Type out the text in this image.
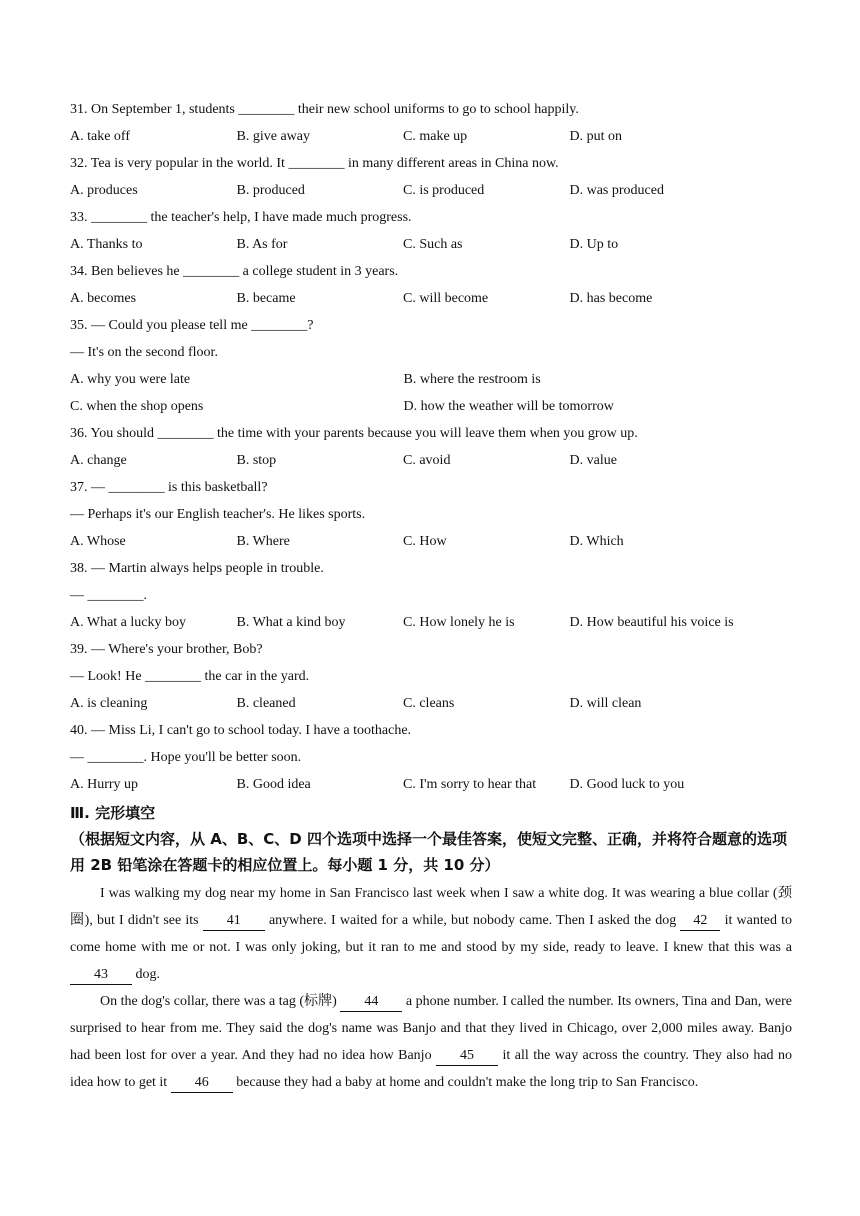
31. On September 1, students ________ their new school uniforms to go to school happily.
A. take off	B. give away	C. make up	D. put on
32. Tea is very popular in the world. It ________ in many different areas in China now.
A. produces	B. produced	C. is produced	D. was produced
33. ________ the teacher's help, I have made much progress.
A. Thanks to	B. As for	C. Such as	D. Up to
34. Ben believes he ________ a college student in 3 years.
A. becomes	B. became	C. will become	D. has become
35. — Could you please tell me ________?
— It's on the second floor.
A. why you were late	B. where the restroom is
C. when the shop opens	D. how the weather will be tomorrow
36. You should ________ the time with your parents because you will leave them when you grow up.
A. change	B. stop	C. avoid	D. value
37. — ________ is this basketball?
— Perhaps it's our English teacher's. He likes sports.
A. Whose	B. Where	C. How	D. Which
38. — Martin always helps people in trouble.
— ________.
A. What a lucky boy	B. What a kind boy	C. How lonely he is	D. How beautiful his voice is
39. — Where's your brother, Bob?
— Look! He ________ the car in the yard.
A. is cleaning	B. cleaned	C. cleans	D. will clean
40. — Miss Li, I can't go to school today. I have a toothache.
— ________. Hope you'll be better soon.
A. Hurry up	B. Good idea	C. I'm sorry to hear that	D. Good luck to you
Ⅲ. 完形填空
（根据短文内容，从 A、B、C、D 四个选项中选择一个最佳答案，使短文完整、正确，并将符合题意的选项用 2B 铅笔涂在答题卡的相应位置上。每小题 1 分，共 10 分）
I was walking my dog near my home in San Francisco last week when I saw a white dog. It was wearing a blue collar (颈圈), but I didn't see its 41 anywhere. I waited for a while, but nobody came. Then I asked the dog 42 it wanted to come home with me or not. I was only joking, but it ran to me and stood by my side, ready to leave. I knew that this was a 43 dog.
On the dog's collar, there was a tag (标牌) 44 a phone number. I called the number. Its owners, Tina and Dan, were surprised to hear from me. They said the dog's name was Banjo and that they lived in Chicago, over 2,000 miles away. Banjo had been lost for over a year. And they had no idea how Banjo 45 it all the way across the country. They also had no idea how to get it 46 because they had a baby at home and couldn't make the long trip to San Francisco.
